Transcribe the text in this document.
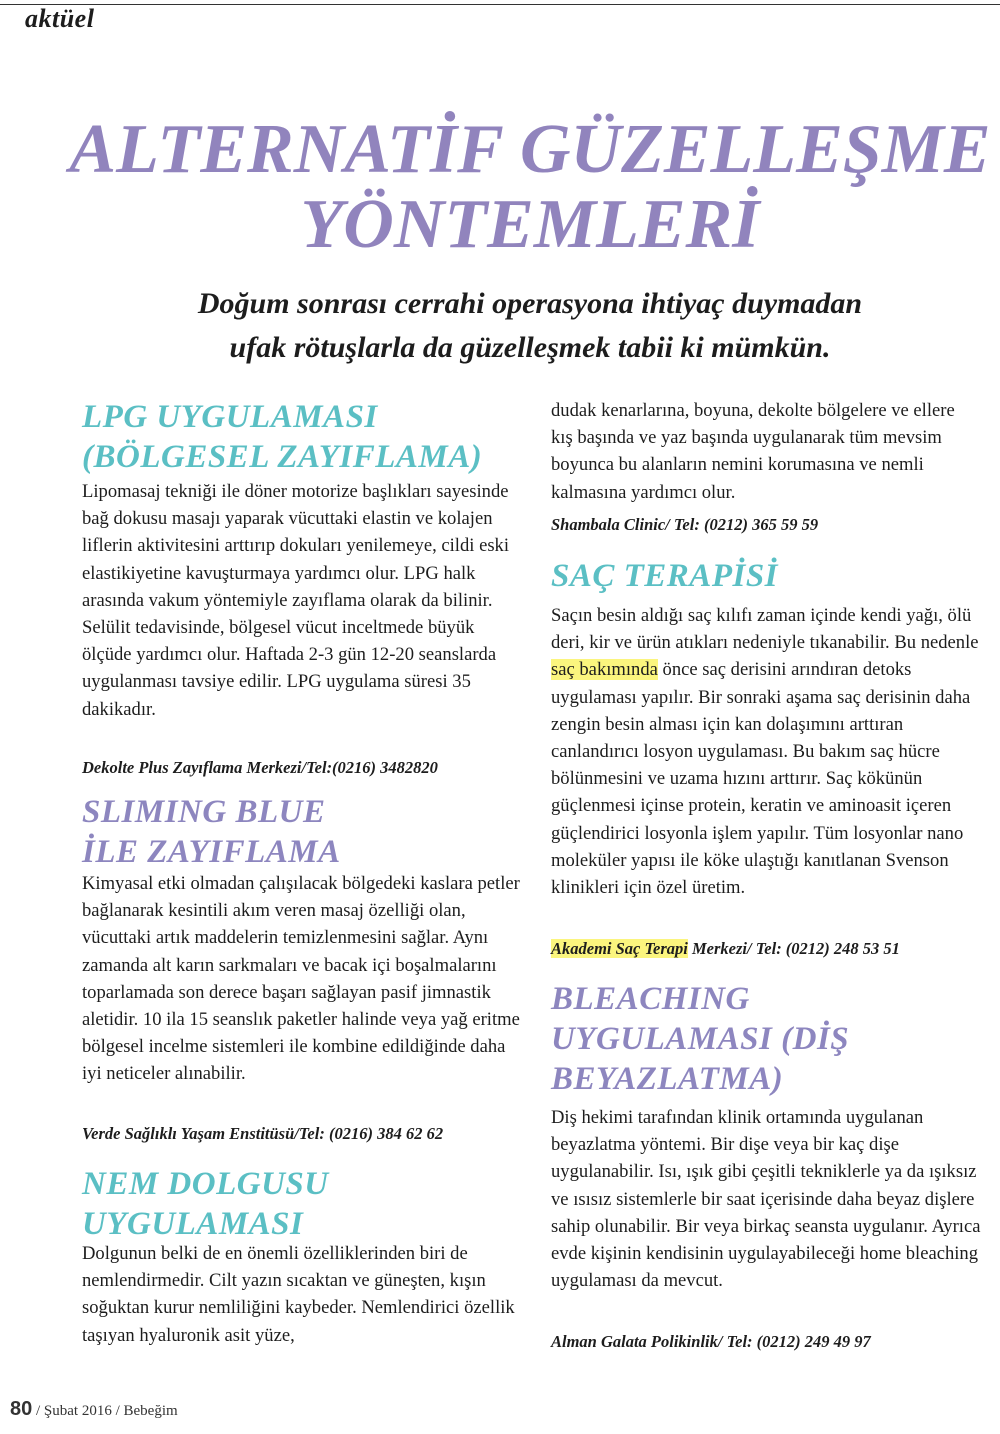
aktüel
ALTERNATİF GÜZELLEŞME
YÖNTEMLERİ
Doğum sonrası cerrahi operasyona ihtiyaç duymadan
ufak rötuşlarla da güzelleşmek tabii ki mümkün.
LPG UYGULAMASI
(BÖLGESEL ZAYIFLAMA)
Lipomasaj tekniği ile döner motorize başlıkları sayesinde bağ dokusu masajı yaparak vücuttaki elastin ve kolajen liflerin aktivitesini arttırıp dokuları yenilemeye, cildi eski elastikiyetine kavuşturmaya yardımcı olur. LPG halk arasında vakum yöntemiyle zayıflama olarak da bilinir. Selülit tedavisinde, bölgesel vücut inceltmede büyük ölçüde yardımcı olur. Haftada 2-3 gün 12-20 seanslarda uygulanması tavsiye edilir. LPG uygulama süresi 35 dakikadır.
Dekolte Plus Zayıflama Merkezi/Tel:(0216) 3482820
SLIMING BLUE
İLE ZAYIFLAMA
Kimyasal etki olmadan çalışılacak bölgedeki kaslara petler bağlanarak kesintili akım veren masaj özelliği olan, vücuttaki artık maddelerin temizlenmesini sağlar. Aynı zamanda alt karın sarkmaları ve bacak içi boşalmalarını toparlamada son derece başarı sağlayan pasif jimnastik aletidir. 10 ila 15 seanslık paketler halinde veya yağ eritme bölgesel incelme sistemleri ile kombine edildiğinde daha iyi neticeler alınabilir.
Verde Sağlıklı Yaşam Enstitüsü/Tel: (0216) 384 62 62
NEM DOLGUSU
UYGULAMASI
Dolgunun belki de en önemli özelliklerinden biri de nemlendirmedir. Cilt yazın sıcaktan ve güneşten, kışın soğuktan kurur nemliliğini kaybeder. Nemlendirici özellik taşıyan hyaluronik asit yüze,
dudak kenarlarına, boyuna, dekolte bölgelere ve ellere kış başında ve yaz başında uygulanarak tüm mevsim boyunca bu alanların nemini korumasına ve nemli kalmasına yardımcı olur.
Shambala Clinic/ Tel: (0212) 365 59 59
SAÇ TERAPİSİ
Saçın besin aldığı saç kılıfı zaman içinde kendi yağı, ölü deri, kir ve ürün atıkları nedeniyle tıkanabilir. Bu nedenle saç bakımında önce saç derisini arındıran detoks uygulaması yapılır. Bir sonraki aşama saç derisinin daha zengin besin alması için kan dolaşımını arttıran canlandırıcı losyon uygulaması. Bu bakım saç hücre bölünmesini ve uzama hızını arttırır. Saç kökünün güçlenmesi içinse protein, keratin ve aminoasit içeren güçlendirici losyonla işlem yapılır. Tüm losyonlar nano moleküler yapısı ile köke ulaştığı kanıtlanan Svenson klinikleri için özel üretim.
Akademi Saç Terapi Merkezi/ Tel: (0212) 248 53 51
BLEACHING
UYGULAMASI (DİŞ
BEYAZLATMA)
Diş hekimi tarafından klinik ortamında uygulanan beyazlatma yöntemi. Bir dişe veya bir kaç dişe uygulanabilir. Isı, ışık gibi çeşitli tekniklerle ya da ışıksız ve ısısız sistemlerle bir saat içerisinde daha beyaz dişlere sahip olunabilir. Bir veya birkaç seansta uygulanır. Ayrıca evde kişinin kendisinin uygulayabileceği home bleaching uygulaması da mevcut.
Alman Galata Polikinlik/ Tel: (0212) 249 49 97
80 / Şubat 2016 / Bebeğim
